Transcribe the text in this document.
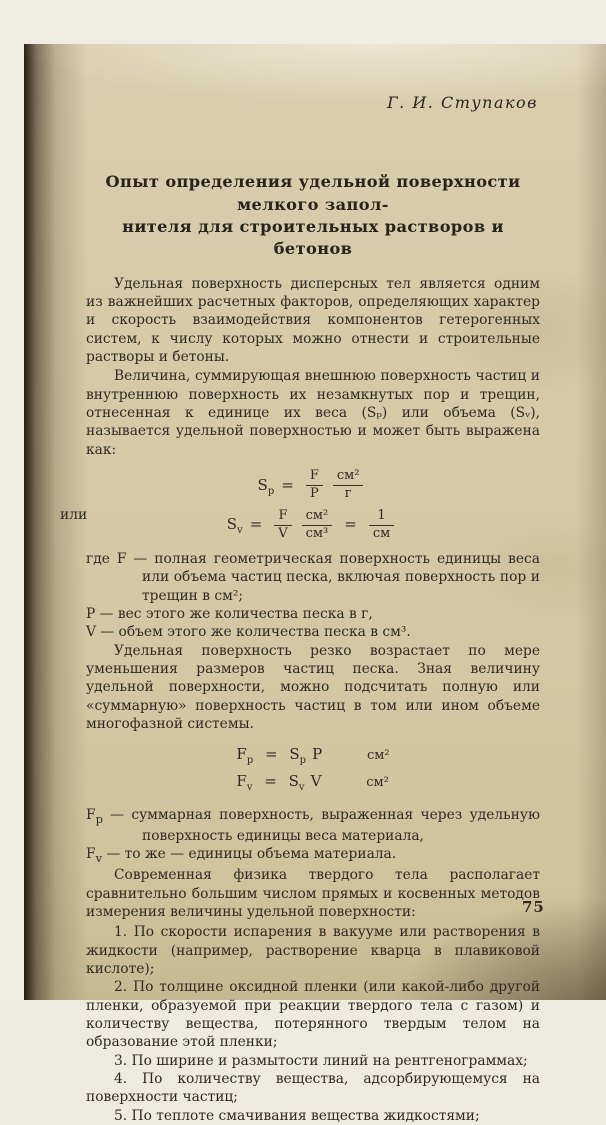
Г. И. Ступаков
Опыт определения удельной поверхности мелкого запол-
нителя для строительных растворов и бетонов

Удельная поверхность дисперсных тел является одним из важнейших расчетных факторов, определяющих характер и скорость взаимодействия компонентов гетерогенных систем, к числу которых можно отнести и строительные растворы и бетоны.

Величина, суммирующая внешнюю поверхность частиц и внутреннюю поверхность их незамкнутых пор и трещин, отнесенная к единице их веса (Sₚ) или объема (Sᵥ), называется удельной поверхностью и может быть выражена как:

или
$S_p = \frac{F}{P} \frac{\text{см²}}{г}$
$S_v = \frac{F}{V} \frac{\text{см²}}{\text{см³}} = \frac{1}{см}$

где F — полная геометрическая поверхность единицы веса или объема частиц песка, включая поверхность пор и трещин в см²;

Р — вес этого же количества песка в г,

V — объем этого же количества песка в см³.

Удельная поверхность резко возрастает по мере уменьшения размеров частиц песка. Зная величину удельной поверхности, можно подсчитать полную или «суммарную» поверхность частиц в том или ином объеме многофазной системы.

$F_p = S_p$ P	см²
$F_v = S_v$ V	см²

$F_p$ — суммарная поверхность, выраженная через удельную поверхность единицы веса материала,

$F_v$ — то же — единицы объема материала.

Современная физика твердого тела располагает сравнительно большим числом прямых и косвенных методов измерения величины удельной поверхности:

1. По скорости испарения в вакууме или растворения в жидкости (например, растворение кварца в плавиковой кислоте);

2. По толщине оксидной пленки (или какой-либо другой пленки, образуемой при реакции твердого тела с газом) и количеству вещества, потерянного твердым телом на образование этой пленки;

3. По ширине и размытости линий на рентгенограммах;

4. По количеству вещества, адсорбирующемуся на поверхности частиц;

5. По теплоте смачивания вещества жидкостями;

75
